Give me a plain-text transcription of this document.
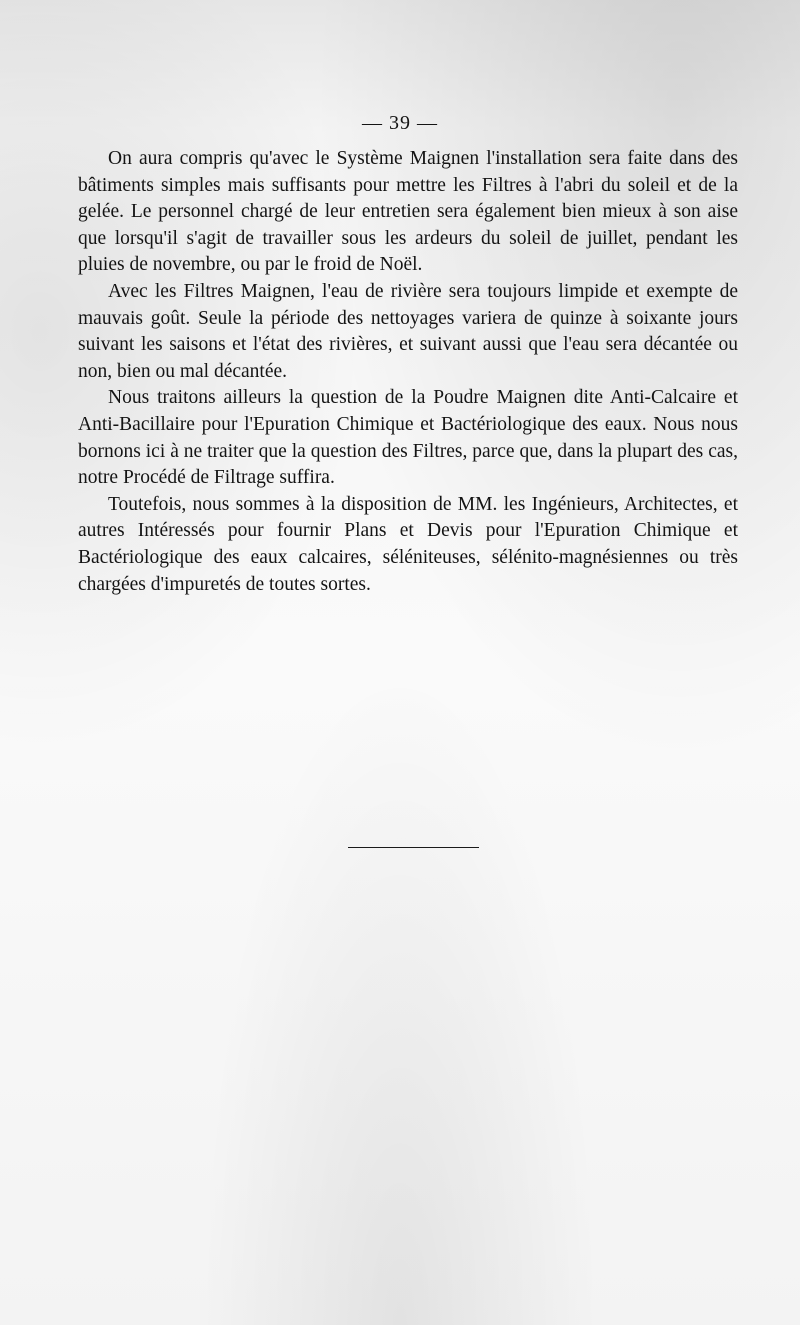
— 39 —

On aura compris qu'avec le Système Maignen l'installation sera faite dans des bâtiments simples mais suffisants pour mettre les Filtres à l'abri du soleil et de la gelée. Le personnel chargé de leur entretien sera également bien mieux à son aise que lorsqu'il s'agit de travailler sous les ardeurs du soleil de juillet, pendant les pluies de novembre, ou par le froid de Noël.

Avec les Filtres Maignen, l'eau de rivière sera toujours limpide et exempte de mauvais goût. Seule la période des nettoyages variera de quinze à soixante jours suivant les saisons et l'état des rivières, et suivant aussi que l'eau sera décantée ou non, bien ou mal décantée.

Nous traitons ailleurs la question de la Poudre Maignen dite Anti-Calcaire et Anti-Bacillaire pour l'Epuration Chimique et Bactériologique des eaux. Nous nous bornons ici à ne traiter que la question des Filtres, parce que, dans la plupart des cas, notre Procédé de Filtrage suffira.

Toutefois, nous sommes à la disposition de MM. les Ingénieurs, Architectes, et autres Intéressés pour fournir Plans et Devis pour l'Epuration Chimique et Bactériologique des eaux calcaires, séléniteuses, sélénito-magnésiennes ou très chargées d'impuretés de toutes sortes.
